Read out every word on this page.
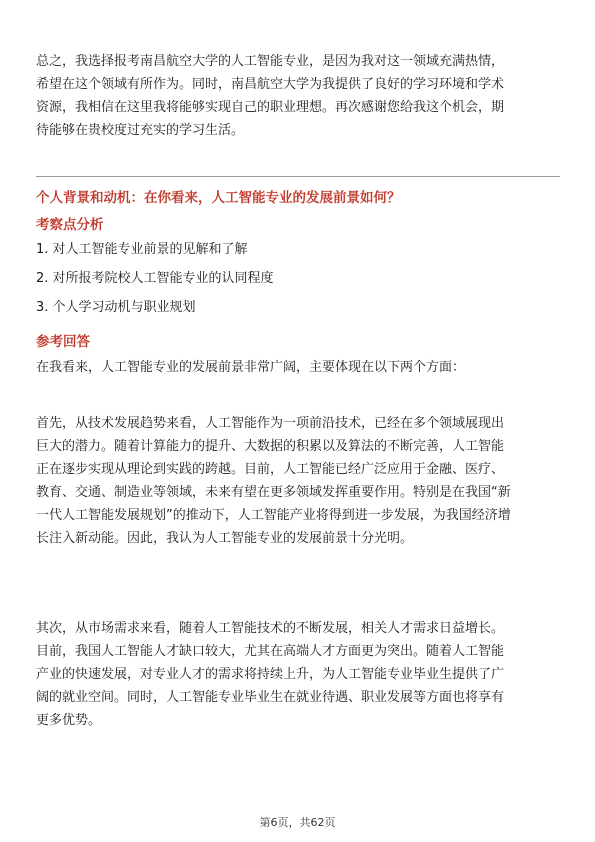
总之，我选择报考南昌航空大学的人工智能专业，是因为我对这一领域充满热情，
希望在这个领域有所作为。同时，南昌航空大学为我提供了良好的学习环境和学术
资源，我相信在这里我将能够实现自己的职业理想。再次感谢您给我这个机会，期
待能够在贵校度过充实的学习生活。
个人背景和动机：在你看来，人工智能专业的发展前景如何？
考察点分析
1. 对人工智能专业前景的见解和了解
2. 对所报考院校人工智能专业的认同程度
3. 个人学习动机与职业规划
参考回答
在我看来，人工智能专业的发展前景非常广阔，主要体现在以下两个方面：
首先，从技术发展趋势来看，人工智能作为一项前沿技术，已经在多个领域展现出
巨大的潜力。随着计算能力的提升、大数据的积累以及算法的不断完善，人工智能
正在逐步实现从理论到实践的跨越。目前，人工智能已经广泛应用于金融、医疗、
教育、交通、制造业等领域，未来有望在更多领域发挥重要作用。特别是在我国“新
一代人工智能发展规划”的推动下，人工智能产业将得到进一步发展，为我国经济增
长注入新动能。因此，我认为人工智能专业的发展前景十分光明。
其次，从市场需求来看，随着人工智能技术的不断发展，相关人才需求日益增长。
目前，我国人工智能人才缺口较大，尤其在高端人才方面更为突出。随着人工智能
产业的快速发展，对专业人才的需求将持续上升，为人工智能专业毕业生提供了广
阔的就业空间。同时，人工智能专业毕业生在就业待遇、职业发展等方面也将享有
更多优势。
第6页，共62页
